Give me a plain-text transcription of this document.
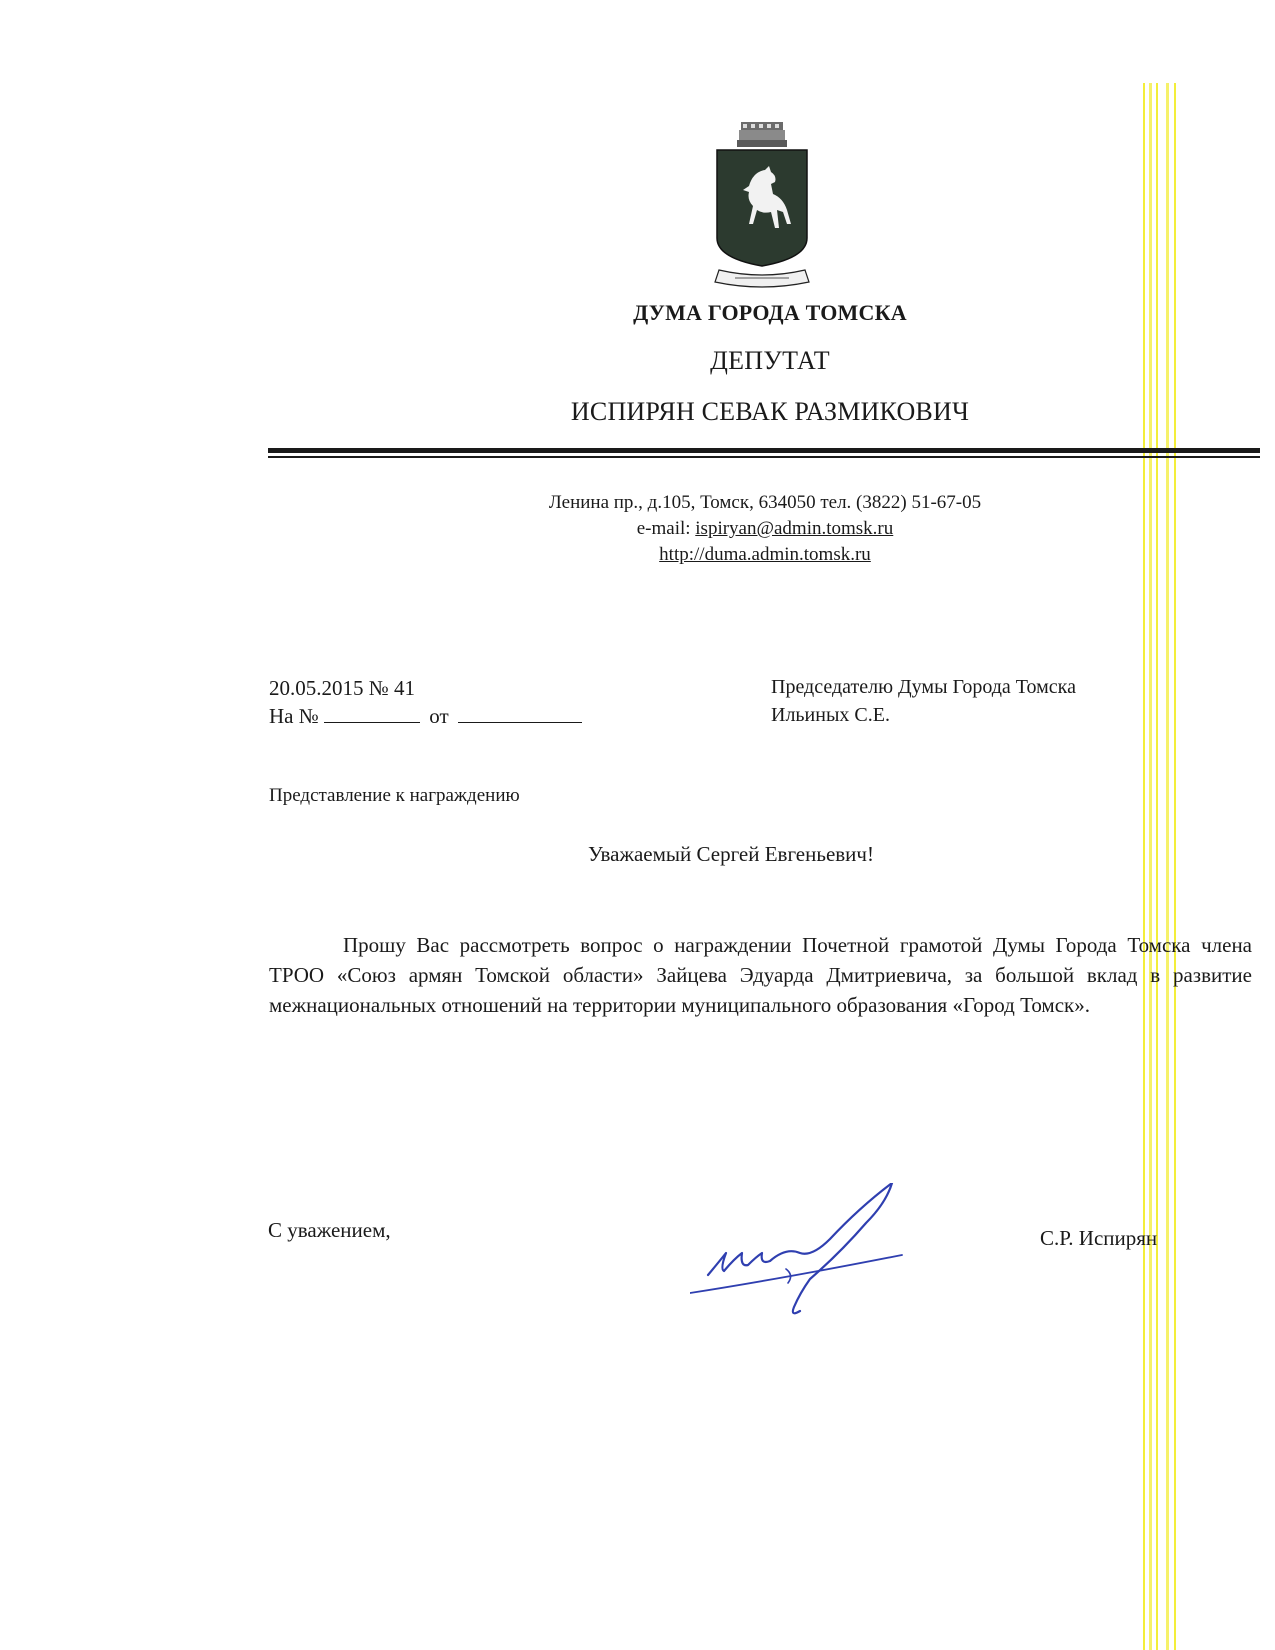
ДУМА ГОРОДА ТОМСКА
ДЕПУТАТ
ИСПИРЯН СЕВАК РАЗМИКОВИЧ
Ленина пр., д.105, Томск, 634050 тел. (3822) 51-67-05
e-mail: ispiryan@admin.tomsk.ru
http://duma.admin.tomsk.ru
20.05.2015 № 41
На №	от
Председателю Думы Города Томска
Ильиных С.Е.
Представление к награждению
Уважаемый Сергей Евгеньевич!
Прошу Вас рассмотреть вопрос о награждении Почетной грамотой Думы Города Томска члена ТРОО «Союз армян Томской области» Зайцева Эдуарда Дмитриевича, за большой вклад в развитие межнациональных отношений на территории муниципального образования «Город Томск».
С уважением,	С.Р. Испирян
